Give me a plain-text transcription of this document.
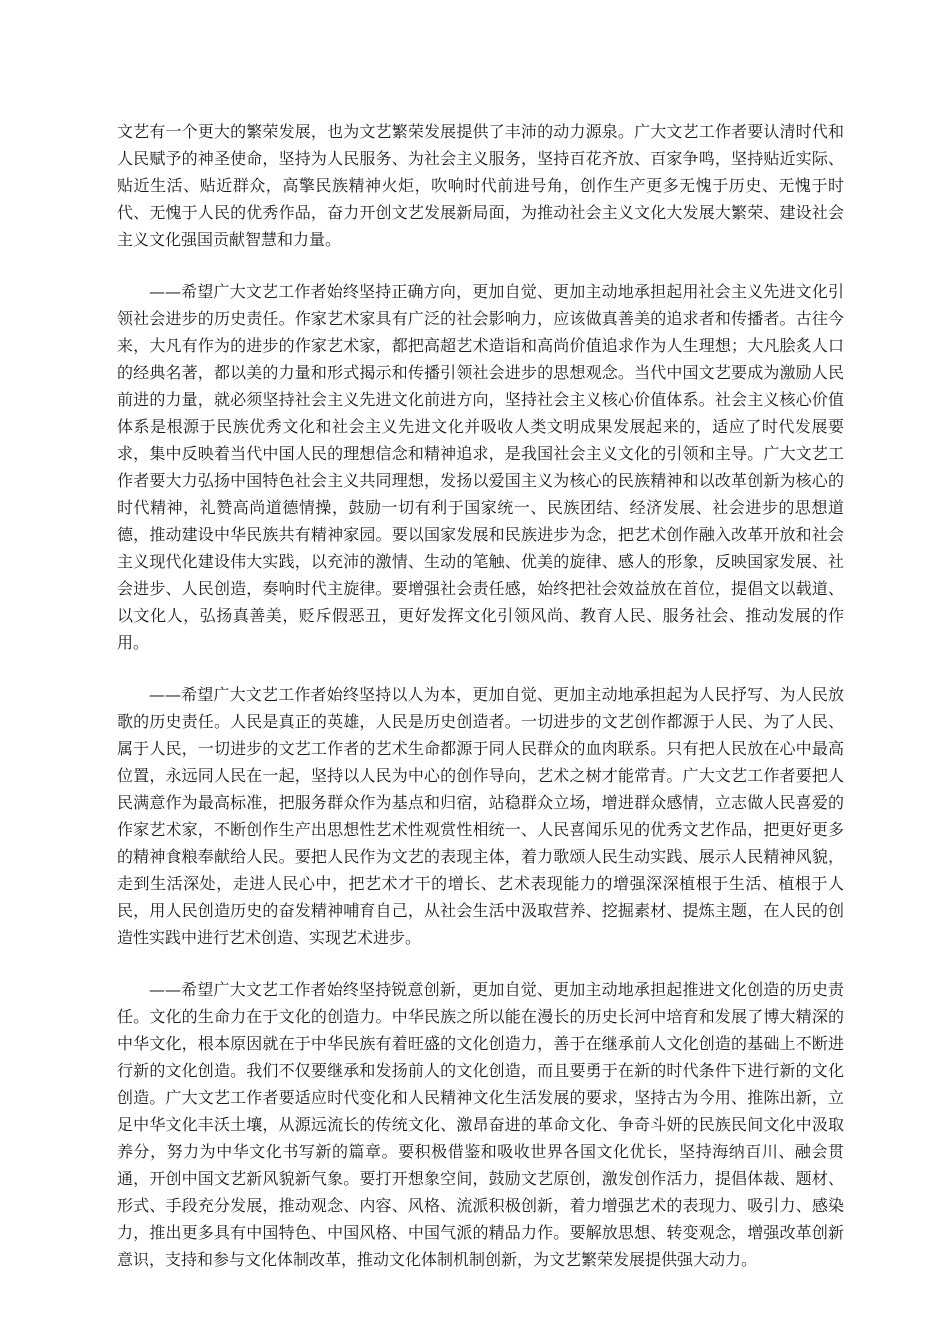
文艺有一个更大的繁荣发展，也为文艺繁荣发展提供了丰沛的动力源泉。广大文艺工作者要认清时代和人民赋予的神圣使命，坚持为人民服务、为社会主义服务，坚持百花齐放、百家争鸣，坚持贴近实际、贴近生活、贴近群众，高擎民族精神火炬，吹响时代前进号角，创作生产更多无愧于历史、无愧于时代、无愧于人民的优秀作品，奋力开创文艺发展新局面，为推动社会主义文化大发展大繁荣、建设社会主义文化强国贡献智慧和力量。

——希望广大文艺工作者始终坚持正确方向，更加自觉、更加主动地承担起用社会主义先进文化引领社会进步的历史责任。作家艺术家具有广泛的社会影响力，应该做真善美的追求者和传播者。古往今来，大凡有作为的进步的作家艺术家，都把高超艺术造诣和高尚价值追求作为人生理想；大凡脍炙人口的经典名著，都以美的力量和形式揭示和传播引领社会进步的思想观念。当代中国文艺要成为激励人民前进的力量，就必须坚持社会主义先进文化前进方向，坚持社会主义核心价值体系。社会主义核心价值体系是根源于民族优秀文化和社会主义先进文化并吸收人类文明成果发展起来的，适应了时代发展要求，集中反映着当代中国人民的理想信念和精神追求，是我国社会主义文化的引领和主导。广大文艺工作者要大力弘扬中国特色社会主义共同理想，发扬以爱国主义为核心的民族精神和以改革创新为核心的时代精神，礼赞高尚道德情操，鼓励一切有利于国家统一、民族团结、经济发展、社会进步的思想道德，推动建设中华民族共有精神家园。要以国家发展和民族进步为念，把艺术创作融入改革开放和社会主义现代化建设伟大实践，以充沛的激情、生动的笔触、优美的旋律、感人的形象，反映国家发展、社会进步、人民创造，奏响时代主旋律。要增强社会责任感，始终把社会效益放在首位，提倡文以载道、以文化人，弘扬真善美，贬斥假恶丑，更好发挥文化引领风尚、教育人民、服务社会、推动发展的作用。

——希望广大文艺工作者始终坚持以人为本，更加自觉、更加主动地承担起为人民抒写、为人民放歌的历史责任。人民是真正的英雄，人民是历史创造者。一切进步的文艺创作都源于人民、为了人民、属于人民，一切进步的文艺工作者的艺术生命都源于同人民群众的血肉联系。只有把人民放在心中最高位置，永远同人民在一起，坚持以人民为中心的创作导向，艺术之树才能常青。广大文艺工作者要把人民满意作为最高标准，把服务群众作为基点和归宿，站稳群众立场，增进群众感情，立志做人民喜爱的作家艺术家，不断创作生产出思想性艺术性观赏性相统一、人民喜闻乐见的优秀文艺作品，把更好更多的精神食粮奉献给人民。要把人民作为文艺的表现主体，着力歌颂人民生动实践、展示人民精神风貌，走到生活深处，走进人民心中，把艺术才干的增长、艺术表现能力的增强深深植根于生活、植根于人民，用人民创造历史的奋发精神哺育自己，从社会生活中汲取营养、挖掘素材、提炼主题，在人民的创造性实践中进行艺术创造、实现艺术进步。

——希望广大文艺工作者始终坚持锐意创新，更加自觉、更加主动地承担起推进文化创造的历史责任。文化的生命力在于文化的创造力。中华民族之所以能在漫长的历史长河中培育和发展了博大精深的中华文化，根本原因就在于中华民族有着旺盛的文化创造力，善于在继承前人文化创造的基础上不断进行新的文化创造。我们不仅要继承和发扬前人的文化创造，而且要勇于在新的时代条件下进行新的文化创造。广大文艺工作者要适应时代变化和人民精神文化生活发展的要求，坚持古为今用、推陈出新，立足中华文化丰沃土壤，从源远流长的传统文化、激昂奋进的革命文化、争奇斗妍的民族民间文化中汲取养分，努力为中华文化书写新的篇章。要积极借鉴和吸收世界各国文化优长，坚持海纳百川、融会贯通，开创中国文艺新风貌新气象。要打开想象空间，鼓励文艺原创，激发创作活力，提倡体裁、题材、形式、手段充分发展，推动观念、内容、风格、流派积极创新，着力增强艺术的表现力、吸引力、感染力，推出更多具有中国特色、中国风格、中国气派的精品力作。要解放思想、转变观念，增强改革创新意识，支持和参与文化体制改革，推动文化体制机制创新，为文艺繁荣发展提供强大动力。
